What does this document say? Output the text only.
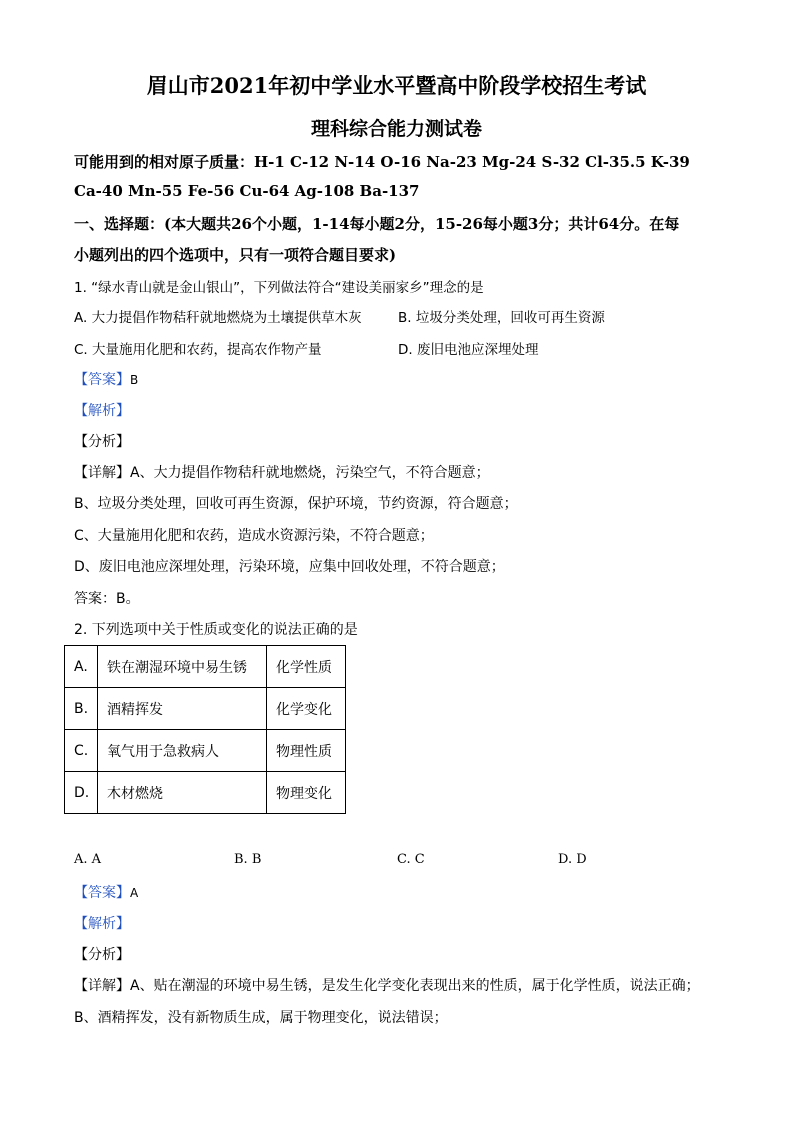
眉山市2021年初中学业水平暨高中阶段学校招生考试
理科综合能力测试卷
可能用到的相对原子质量：H-1 C-12 N-14 O-16 Na-23 Mg-24 S-32 Cl-35.5 K-39
Ca-40 Mn-55 Fe-56 Cu-64 Ag-108 Ba-137
一、选择题：(本大题共26个小题，1-14每小题2分，15-26每小题3分；共计64分。在每
小题列出的四个选项中，只有一项符合题目要求)
1. “绿水青山就是金山银山”，下列做法符合“建设美丽家乡”理念的是
A. 大力提倡作物秸秆就地燃烧为土壤提供草木灰	B. 垃圾分类处理，回收可再生资源
C. 大量施用化肥和农药，提高农作物产量	D. 废旧电池应深埋处理
【答案】B
【解析】
【分析】
【详解】A、大力提倡作物秸秆就地燃烧，污染空气，不符合题意；
B、垃圾分类处理，回收可再生资源，保护环境，节约资源，符合题意；
C、大量施用化肥和农药，造成水资源污染，不符合题意；
D、废旧电池应深埋处理，污染环境，应集中回收处理，不符合题意；
答案：B。
2. 下列选项中关于性质或变化的说法正确的是
A.	铁在潮湿环境中易生锈	化学性质
B.	酒精挥发	化学变化
C.	氧气用于急救病人	物理性质
D.	木材燃烧	物理变化
A. A	B. B	C. C	D. D
【答案】A
【解析】
【分析】
【详解】A、贴在潮湿的环境中易生锈，是发生化学变化表现出来的性质，属于化学性质，说法正确；
B、酒精挥发，没有新物质生成，属于物理变化，说法错误；
